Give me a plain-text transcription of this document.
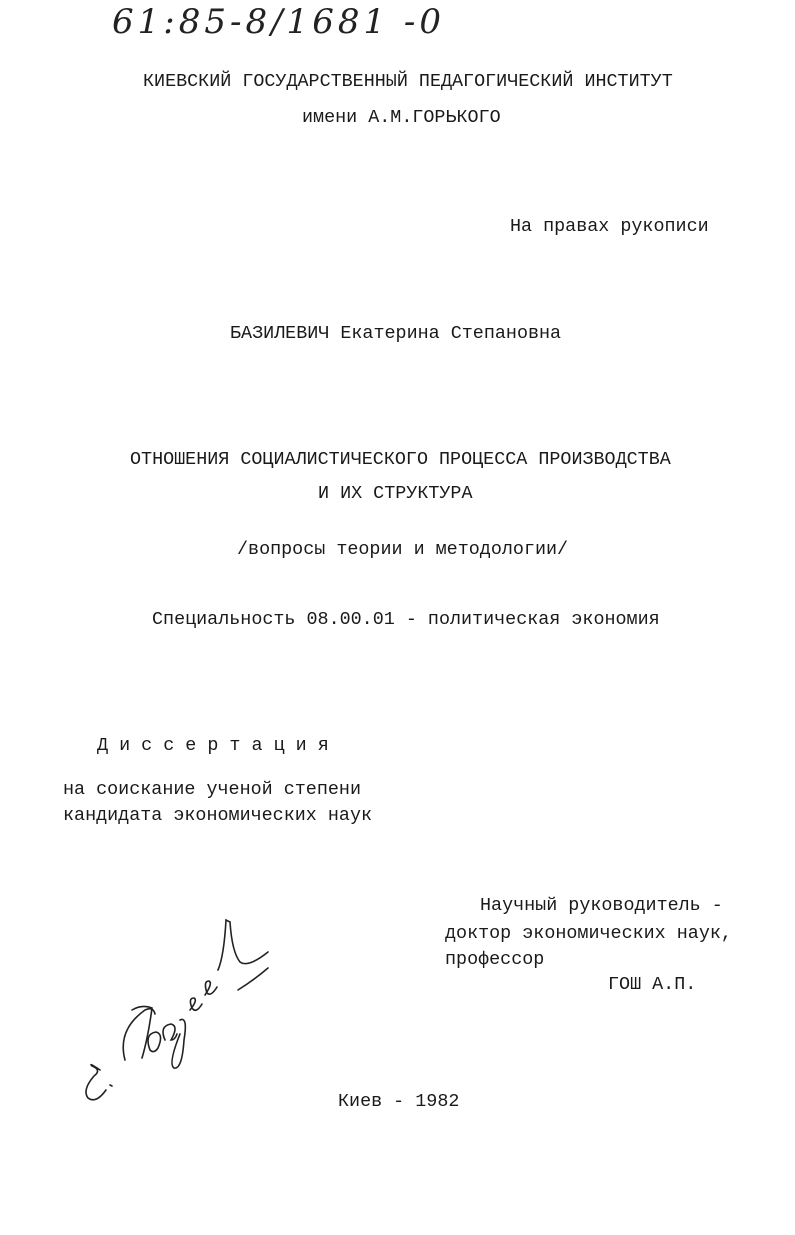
61:85-8/1681 -0
КИЕВСКИЙ ГОСУДАРСТВЕННЫЙ ПЕДАГОГИЧЕСКИЙ ИНСТИТУТ
имени А.М.ГОРЬКОГО
На правах рукописи
БАЗИЛЕВИЧ Екатерина Степановна
ОТНОШЕНИЯ СОЦИАЛИСТИЧЕСКОГО ПРОЦЕССА ПРОИЗВОДСТВА
И ИХ СТРУКТУРА
/вопросы теории и методологии/
Специальность 08.00.01 - политическая экономия
Д и с с е р т а ц и я
на соискание ученой степени
кандидата экономических наук
Научный руководитель -
доктор экономических наук,
профессор
ГОШ А.П.
Киев - 1982
